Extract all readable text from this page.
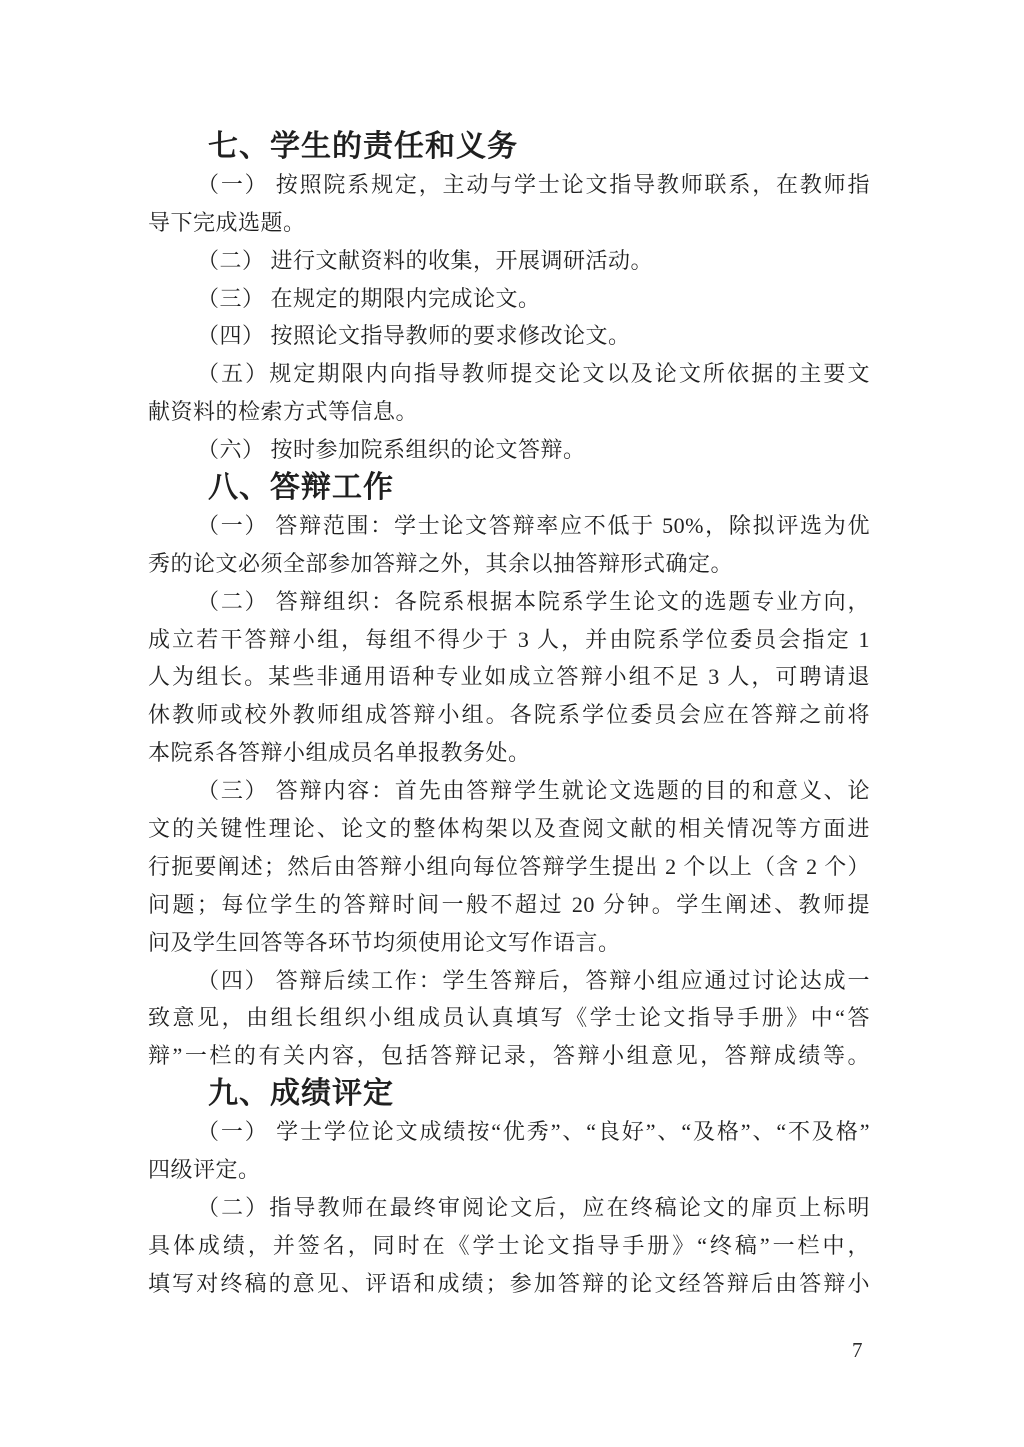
七、学生的责任和义务
（一） 按照院系规定，主动与学士论文指导教师联系，在教师指
导下完成选题。
（二） 进行文献资料的收集，开展调研活动。
（三） 在规定的期限内完成论文。
（四） 按照论文指导教师的要求修改论文。
（五）规定期限内向指导教师提交论文以及论文所依据的主要文
献资料的检索方式等信息。
（六） 按时参加院系组织的论文答辩。
八、答辩工作
（一） 答辩范围：学士论文答辩率应不低于 50%，除拟评选为优
秀的论文必须全部参加答辩之外，其余以抽答辩形式确定。
（二） 答辩组织：各院系根据本院系学生论文的选题专业方向，
成立若干答辩小组，每组不得少于 3 人，并由院系学位委员会指定 1
人为组长。某些非通用语种专业如成立答辩小组不足 3 人，可聘请退
休教师或校外教师组成答辩小组。各院系学位委员会应在答辩之前将
本院系各答辩小组成员名单报教务处。
（三） 答辩内容：首先由答辩学生就论文选题的目的和意义、论
文的关键性理论、论文的整体构架以及查阅文献的相关情况等方面进
行扼要阐述；然后由答辩小组向每位答辩学生提出 2 个以上（含 2 个）
问题；每位学生的答辩时间一般不超过 20 分钟。学生阐述、教师提
问及学生回答等各环节均须使用论文写作语言。
（四） 答辩后续工作：学生答辩后，答辩小组应通过讨论达成一
致意见，由组长组织小组成员认真填写《学士论文指导手册》中“答
辩”一栏的有关内容，包括答辩记录，答辩小组意见，答辩成绩等。
九、成绩评定
（一） 学士学位论文成绩按“优秀”、“良好”、“及格”、“不及格”
四级评定。
（二）指导教师在最终审阅论文后，应在终稿论文的扉页上标明
具体成绩，并签名，同时在《学士论文指导手册》“终稿”一栏中，
填写对终稿的意见、评语和成绩；参加答辩的论文经答辩后由答辩小
7
